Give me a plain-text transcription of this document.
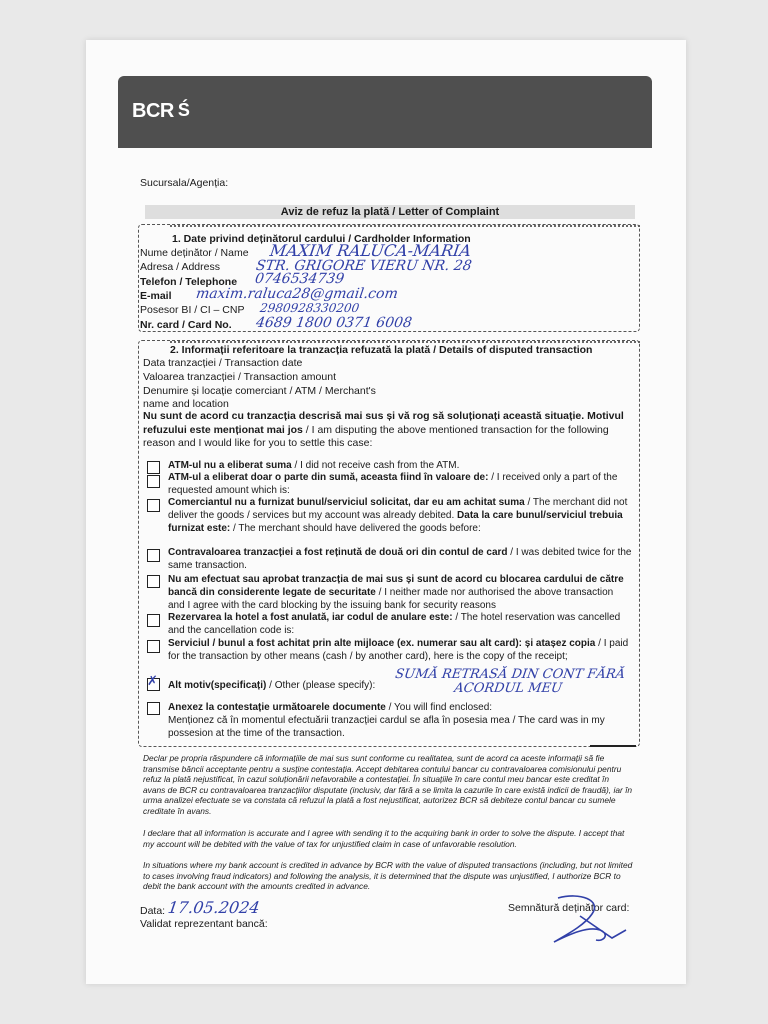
BCR Ś
Sucursala/Agenția:
Aviz de refuz la plată / Letter of Complaint
1. Date privind deținătorul cardului / Cardholder Information
Nume deținător / Name MAXIM RALUCA-MARIA
Adresa / Address STR. GRIGORE VIERU NR. 28
Telefon / Telephone 0746534739
E-mail maxim.raluca28@gmail.com
Posesor BI / CI – CNP 2980928330200
Nr. card / Card No. 4689 1800 0371 6008
2. Informații referitoare la tranzacția refuzată la plată / Details of disputed transaction
Data tranzacției / Transaction date
Valoarea tranzacției / Transaction amount
Denumire și locație comerciant / ATM / Merchant's
name and location
Nu sunt de acord cu tranzacția descrisă mai sus și vă rog să soluționați această situație. Motivul refuzului este menționat mai jos / I am disputing the above mentioned transaction for the following reason and I would like for you to settle this case:
ATM-ul nu a eliberat suma / I did not receive cash from the ATM.
ATM-ul a eliberat doar o parte din sumă, aceasta fiind în valoare de: / I received only a part of the requested amount which is:
Comerciantul nu a furnizat bunul/serviciul solicitat, dar eu am achitat suma / The merchant did not deliver the goods / services but my account was already debited. Data la care bunul/serviciul trebuia furnizat este: / The merchant should have delivered the goods before:
Contravaloarea tranzacției a fost reținută de două ori din contul de card / I was debited twice for the same transaction.
Nu am efectuat sau aprobat tranzacția de mai sus și sunt de acord cu blocarea cardului de către bancă din considerente legate de securitate / I neither made nor authorised the above transaction and I agree with the card blocking by the issuing bank for security reasons
Rezervarea la hotel a fost anulată, iar codul de anulare este: / The hotel reservation was cancelled and the cancellation code is:
Serviciul / bunul a fost achitat prin alte mijloace (ex. numerar sau alt card): și atașez copia / I paid for the transaction by other means (cash / by another card), here is the copy of the receipt;
✗ Alt motiv(specificați) / Other (please specify):
SUMĂ RETRASĂ DIN CONT FĂRĂ ACORDUL MEU
Anexez la contestație următoarele documente / You will find enclosed:
Menționez că în momentul efectuării tranzacției cardul se afla în posesia mea / The card was in my possesion at the time of the transaction.
Declar pe propria răspundere că informațiile de mai sus sunt conforme cu realitatea, sunt de acord ca aceste informații să fie transmise băncii acceptante pentru a susține contestația. Accept debitarea contului bancar cu contravaloarea comisionului pentru refuz la plată nejustificat, în cazul soluționării nefavorabile a contestației. În situațiile în care contul meu bancar este creditat în avans de BCR cu contravaloarea tranzacțiilor disputate (inclusiv, dar fără a se limita la cazurile în care există indicii de fraudă), iar în urma analizei efectuate se va constata că refuzul la plată a fost nejustificat, autorizez BCR să debiteze contul bancar cu sumele creditate în avans.
I declare that all information is accurate and I agree with sending it to the acquiring bank in order to solve the dispute. I accept that my account will be debited with the value of tax for unjustified claim in case of unfavorable resolution.
In situations where my bank account is credited in advance by BCR with the value of disputed transactions (including, but not limited to cases involving fraud indicators) and following the analysis, it is determined that the dispute was unjustified, I authorize BCR to debit the bank account with the amounts credited in advance.
Data: 17.05.2024
Validat reprezentant bancă:
Semnătură deținător card:
